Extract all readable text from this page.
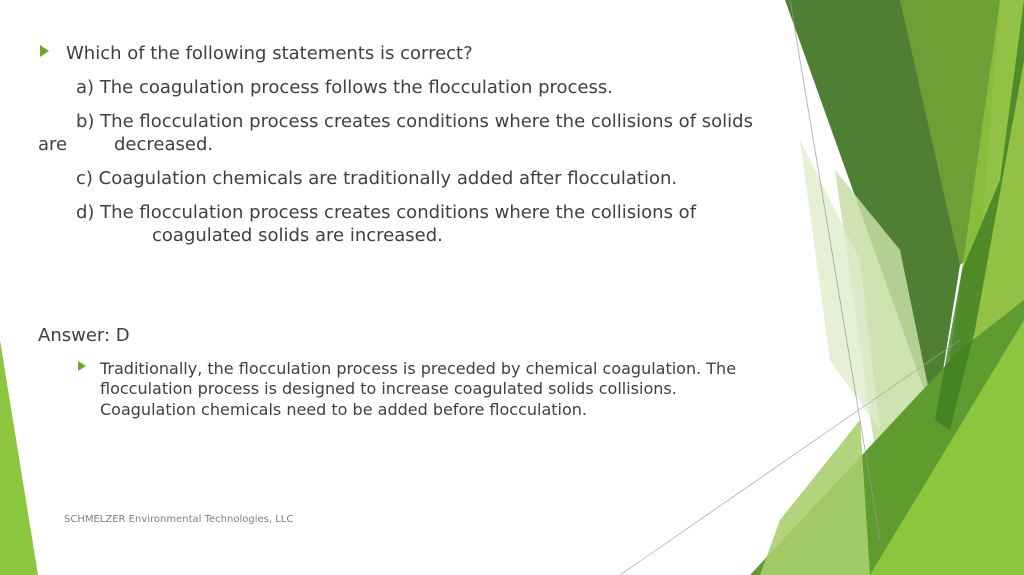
Which of the following statements is correct?
a) The coagulation process follows the flocculation process.
b) The flocculation process creates conditions where the collisions of solids
are	decreased.
c) Coagulation chemicals are traditionally added after flocculation.
d) The flocculation process creates conditions where the collisions of
coagulated solids are increased.
Answer: D
Traditionally, the flocculation process is preceded by chemical coagulation. The
flocculation process is designed to increase coagulated solids collisions.
Coagulation chemicals need to be added before flocculation.
SCHMELZER Environmental Technologies, LLC
